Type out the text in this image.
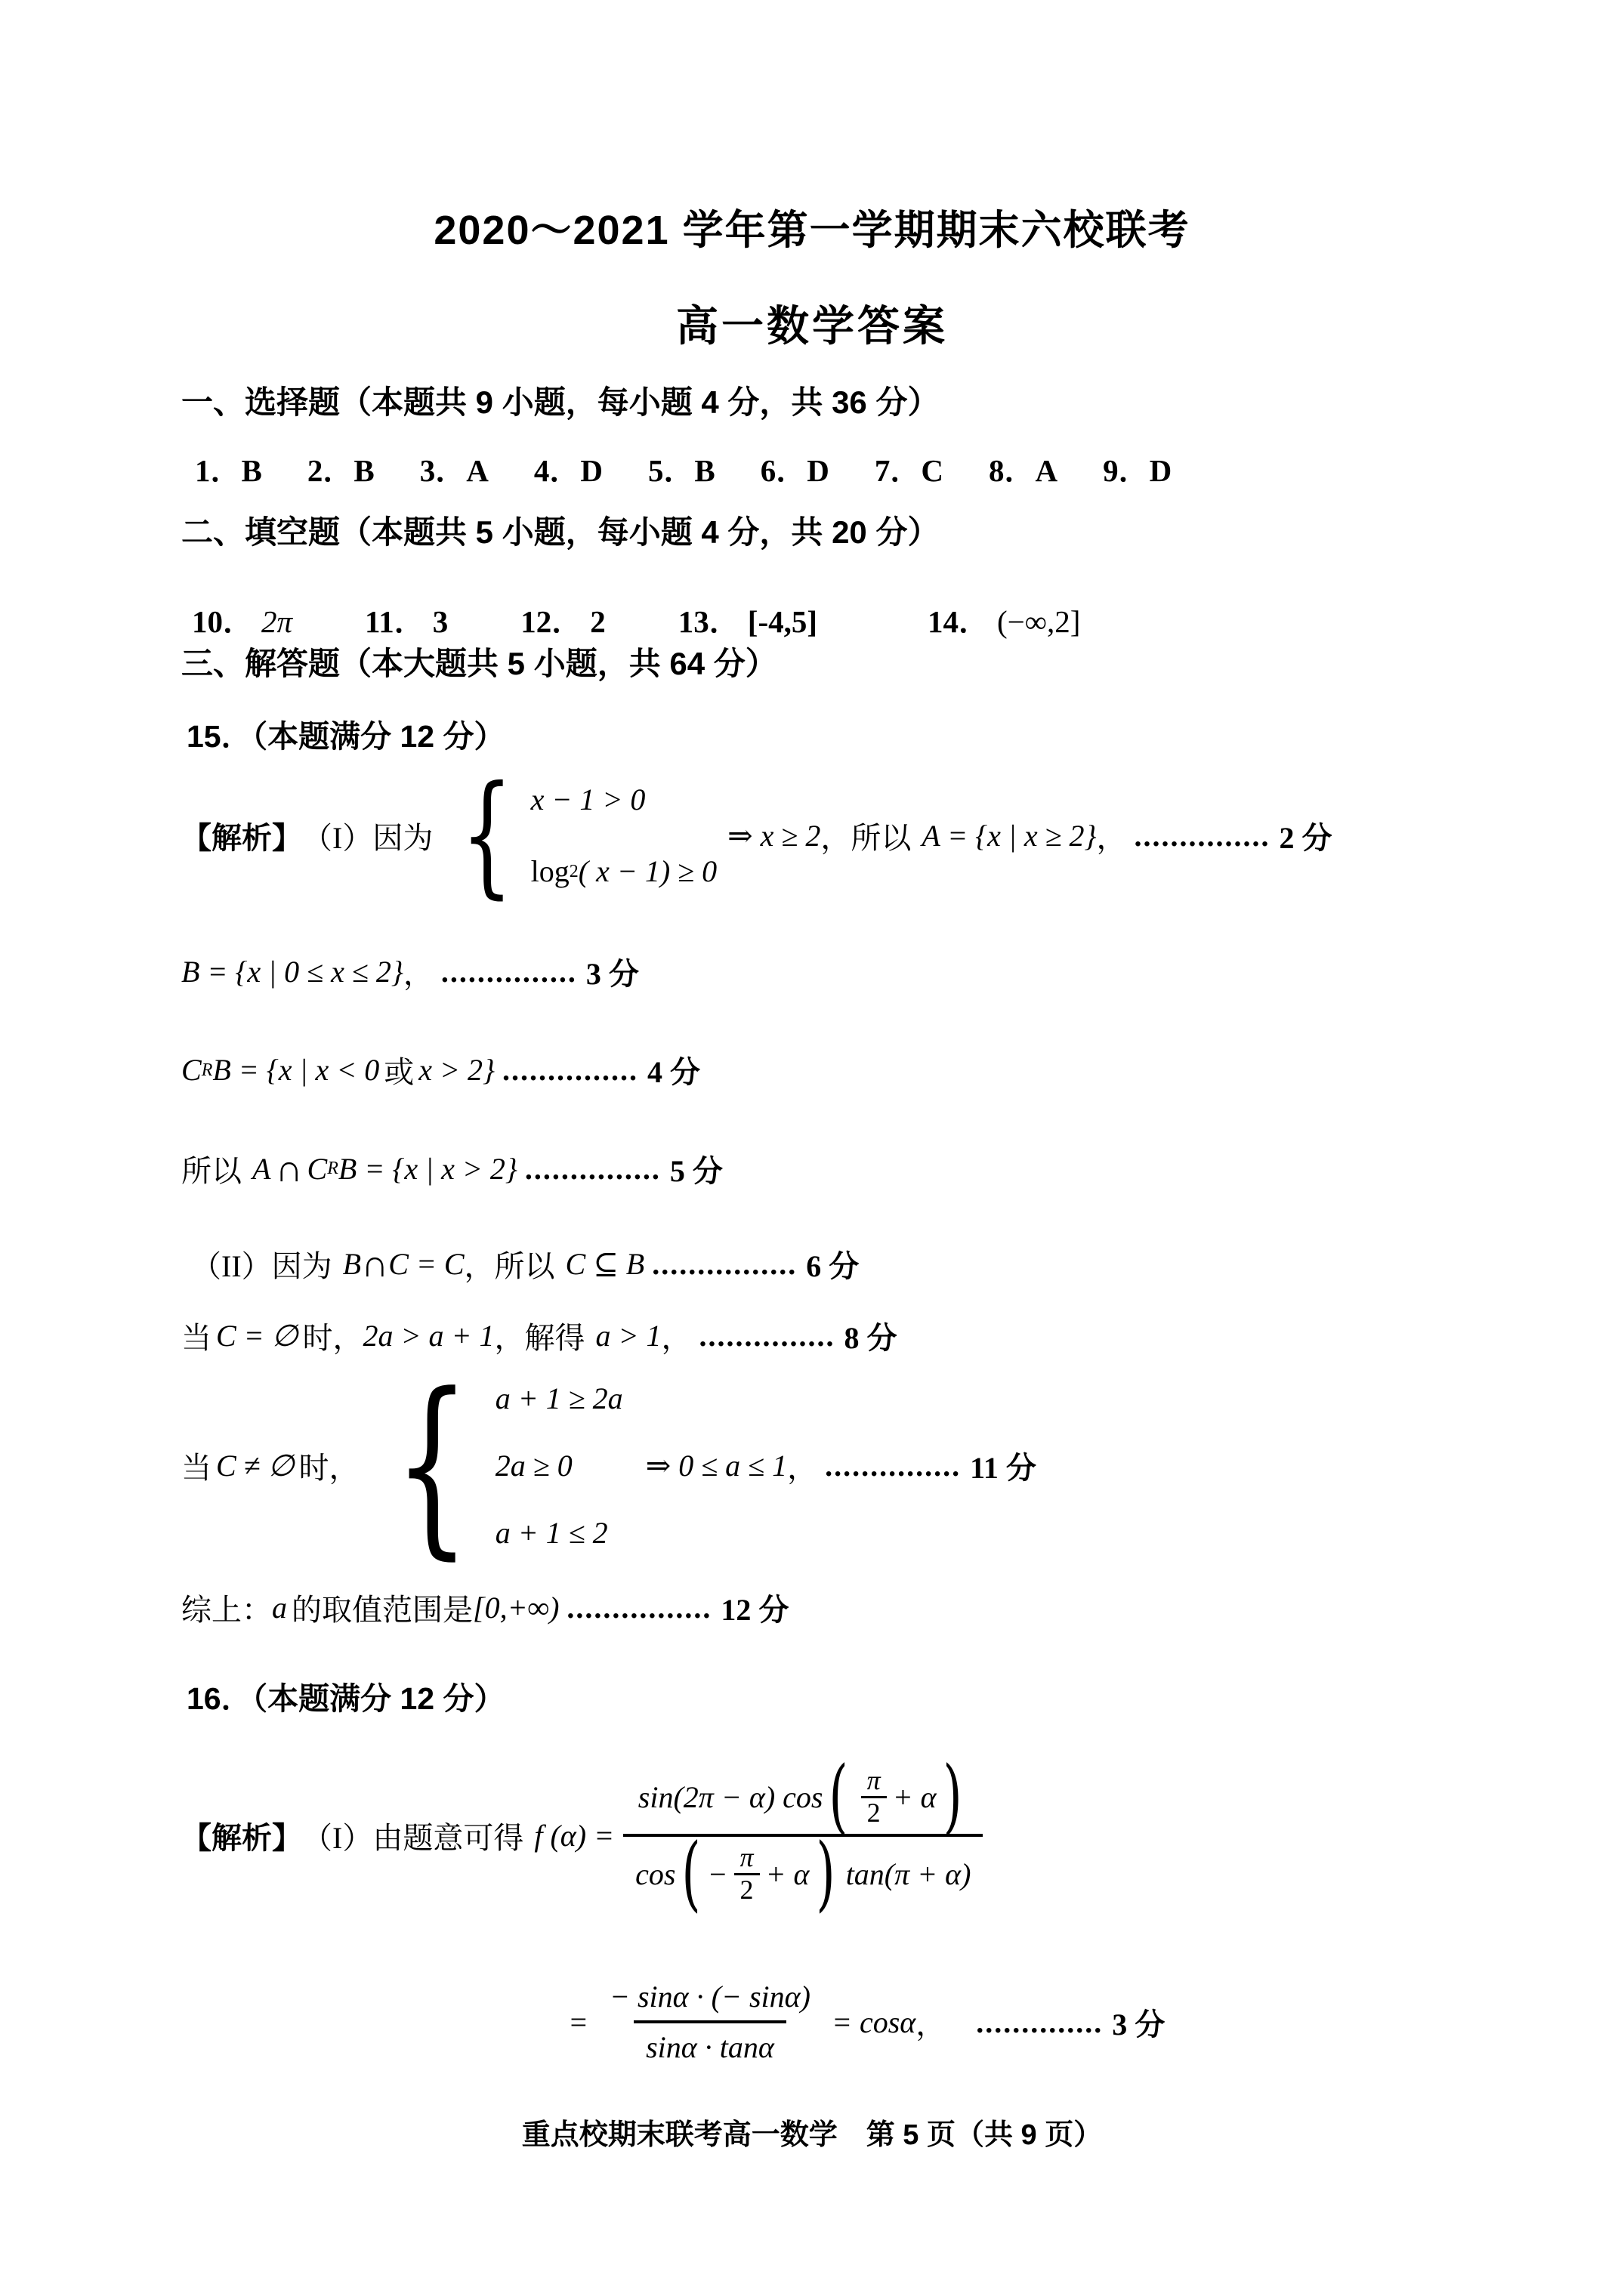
2020～2021 学年第一学期期末六校联考
高一数学答案
一、选择题（本题共 9 小题，每小题 4 分，共 36 分）
1．B 2．B 3．A 4．D 5．B 6．D 7．C 8．A 9．D
二、填空题（本题共 5 小题，每小题 4 分，共 20 分）
10． 2π 11． 3 12． 2 13． [-4,5]	14． (−∞,2]
三、解答题（本大题共 5 小题，共 64 分）
15．（本题满分 12 分）
【解析】 （I）因为 { x − 1 > 0
log 2 ( x − 1) ≥ 0
⇒ x ≥ 2 ，所以 A = {x | x ≥ 2} ， ............... 2 分
B = {x | 0 ≤ x ≤ 2} ， ............... 3 分
C R B = {x | x < 0 或 x > 2} ............... 4 分
所以 A ∩ C R B = {x | x > 2} ............... 5 分
（II）因为 B ∩ C = C ，所以 C ⊆ B ................ 6 分
当 C = ∅ 时， 2a > a + 1 ，解得 a > 1 ， ............... 8 分
当 C ≠ ∅ 时， { a + 1 ≥ 2a
2a ≥ 0
a + 1 ≤ 2
⇒ 0 ≤ a ≤ 1 ， ............... 11 分
综上： a 的取值范围是 [0,+∞) ................ 12 分
16．（本题满分 12 分）
【解析】 （I）由题意可得 f (α) =
sin(2π − α) cos ( $\frac{\pi}{2} + \alpha$ )
cos ( − $\frac{\pi}{2} + \alpha$ ) tan(π + α)
= $\frac{- \sin\alpha \cdot (- \sin\alpha)}{\sin\alpha \cdot \tan\alpha} = \cos\alpha$ ， .............. 3 分
重点校期末联考高一数学　第 5 页（共 9 页）
